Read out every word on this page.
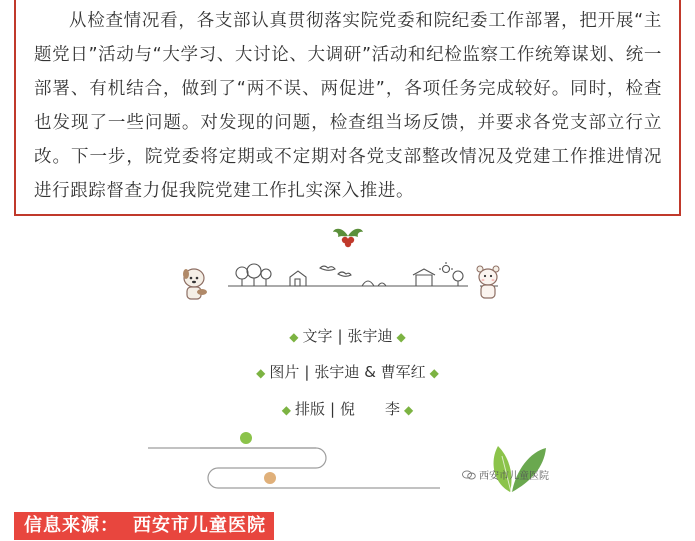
从检查情况看，各支部认真贯彻落实院党委和院纪委工作部署，把开展“主题党日”活动与“大学习、大讨论、大调研”活动和纪检监察工作统筹谋划、统一部署、有机结合，做到了“两不误、两促进”，各项任务完成较好。同时，检查也发现了一些问题。对发现的问题，检查组当场反馈，并要求各党支部立行立改。下一步，院党委将定期或不定期对各党支部整改情况及党建工作推进情况进行跟踪督查力促我院党建工作扎实深入推进。

◆ 文字 | 张宇迪 ◆
◆ 图片 | 张宇迪 & 曹军红 ◆
◆ 排版 | 倪　　李 ◆
西安市儿童医院
信息来源： 西安市儿童医院
